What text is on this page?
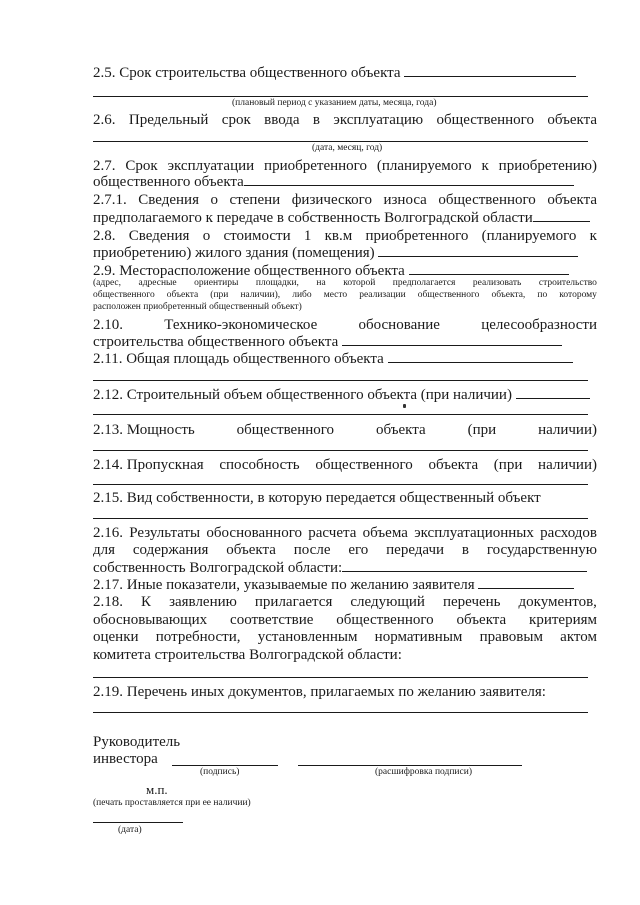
2.5. Срок строительства общественного объекта
(плановый период с указанием даты, месяца, года)
2.6. Предельный срок ввода в эксплуатацию общественного объекта
(дата, месяц, год)
2.7. Срок эксплуатации приобретенного (планируемого к приобретению)
общественного объекта
2.7.1. Сведения о степени физического износа общественного объекта
предполагаемого к передаче в собственность Волгоградской области
2.8. Сведения о стоимости 1 кв.м приобретенного (планируемого к
приобретению) жилого здания (помещения)
2.9. Месторасположение общественного объекта
(адрес, адресные ориентиры площадки, на которой предполагается реализовать строительство
общественного объекта (при наличии), либо место реализации общественного объекта, по которому
расположен приобретенный общественный объект)
2.10.	Технико-экономическое	обоснование	целесообразности
строительства общественного объекта
2.11. Общая площадь общественного объекта
2.12. Строительный объем общественного объекта (при наличии)
2.13. Мощность	общественного	объекта	(при	наличии)
2.14. Пропускная способность общественного объекта (при наличии)
2.15. Вид собственности, в которую передается общественный объект
2.16. Результаты обоснованного расчета объема эксплуатационных расходов
для содержания объекта после его передачи в государственную
собственность Волгоградской области:
2.17. Иные показатели, указываемые по желанию заявителя
2.18. К заявлению прилагается следующий перечень документов,
обосновывающих соответствие общественного объекта критериям
оценки потребности, установленным нормативным правовым актом
комитета строительства Волгоградской области:
2.19. Перечень иных документов, прилагаемых по желанию заявителя:
Руководитель
инвестора
(подпись)	(расшифровка подписи)
м.п.
(печать проставляется при ее наличии)
(дата)
